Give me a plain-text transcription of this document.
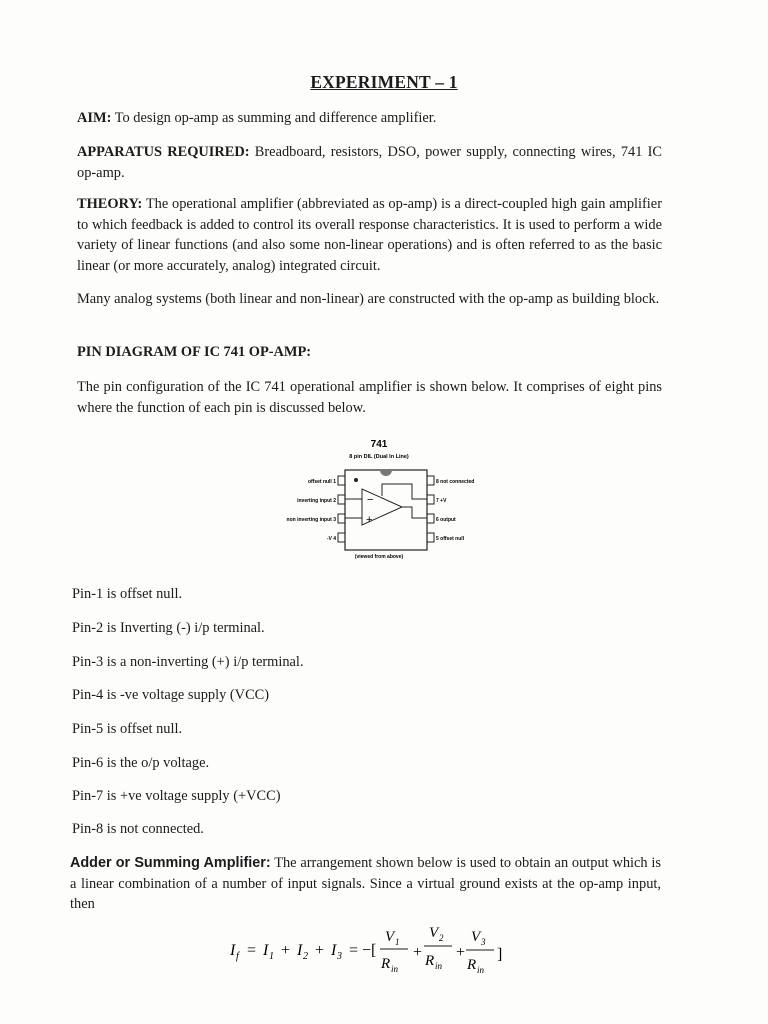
EXPERIMENT – 1
AIM: To design op-amp as summing and difference amplifier.
APPARATUS REQUIRED: Breadboard, resistors, DSO, power supply, connecting wires, 741 IC op-amp.
THEORY: The operational amplifier (abbreviated as op-amp) is a direct-coupled high gain amplifier to which feedback is added to control its overall response characteristics. It is used to perform a wide variety of linear functions (and also some non-linear operations) and is often referred to as the basic linear (or more accurately, analog) integrated circuit.
Many analog systems (both linear and non-linear) are constructed with the op-amp as building block.
PIN DIAGRAM OF IC 741 OP-AMP:
The pin configuration of the IC 741 operational amplifier is shown below. It comprises of eight pins where the function of each pin is discussed below.
741
8 pin DIL (Dual In Line)
−
+
offset null 1
inverting input 2
non inverting input 3
-V 4
8 not connected
7 +V
6 output
5 offset null
(viewed from above)
Pin-1 is offset null.
Pin-2 is Inverting (-) i/p terminal.
Pin-3 is a non-inverting (+) i/p terminal.
Pin-4 is -ve voltage supply (VCC)
Pin-5 is offset null.
Pin-6 is the o/p voltage.
Pin-7 is +ve voltage supply (+VCC)
Pin-8 is not connected.
Adder or Summing Amplifier: The arrangement shown below is used to obtain an output which is a linear combination of a number of input signals. Since a virtual ground exists at the op-amp input, then
I f = I 1 + I 2 + I 3 = −[
V 1
R in
+
V 2
R in
+
V 3
R in
]
